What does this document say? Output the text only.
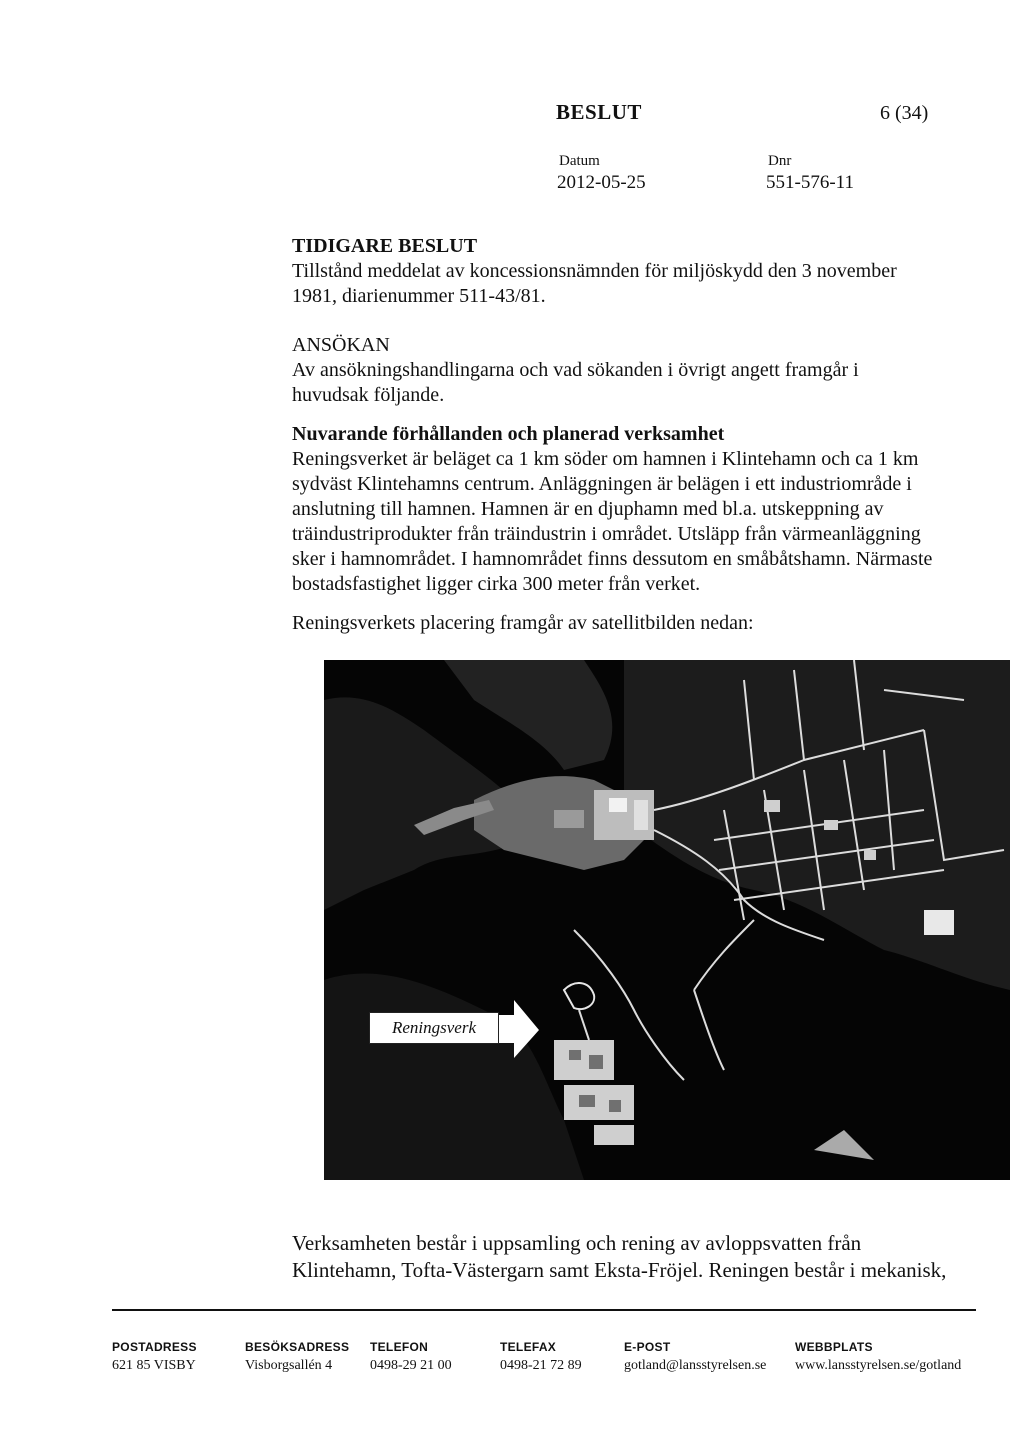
BESLUT	6 (34)
Datum
2012-05-25
Dnr
551-576-11
TIDIGARE BESLUT
Tillstånd meddelat av koncessionsnämnden för miljöskydd den 3 november
1981, diarienummer 511-43/81.
ANSÖKAN
Av ansökningshandlingarna och vad sökanden i övrigt angett framgår i
huvudsak följande.
Nuvarande förhållanden och planerad verksamhet
Reningsverket är beläget ca 1 km söder om hamnen i Klintehamn och ca 1 km
sydväst Klintehamns centrum. Anläggningen är belägen i ett industriområde i
anslutning till hamnen. Hamnen är en djuphamn med bl.a. utskeppning av
träindustriprodukter från träindustrin i området. Utsläpp från värmeanläggning
sker i hamnområdet. I hamnområdet finns dessutom en småbåtshamn. Närmaste
bostadsfastighet ligger cirka 300 meter från verket.
Reningsverkets placering framgår av satellitbilden nedan:
Reningsverk
Verksamheten består i uppsamling och rening av avloppsvatten från
Klintehamn, Tofta-Västergarn samt Eksta-Fröjel. Reningen består i mekanisk,
POSTADRESS
621 85 VISBY
BESÖKSADRESS
Visborgsallén 4
TELEFON
0498-29 21 00
TELEFAX
0498-21 72 89
E-POST
gotland@lansstyrelsen.se
WEBBPLATS
www.lansstyrelsen.se/gotland
